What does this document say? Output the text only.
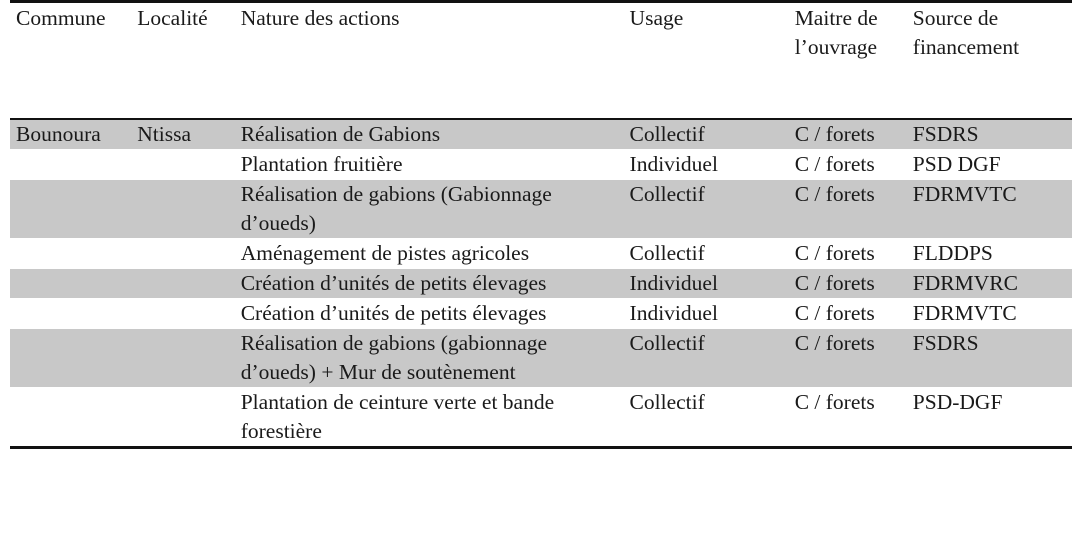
Commune	Localité	Nature des actions	Usage	Maitre de l’ouvrage	Source de financement
Bounoura	Ntissa	Réalisation de Gabions	Collectif	C / forets	FSDRS
		Plantation fruitière	Individuel	C / forets	PSD DGF
		Réalisation de gabions (Gabionnage d’oueds)	Collectif	C / forets	FDRMVTC
		Aménagement de pistes agricoles	Collectif	C / forets	FLDDPS
		Création d’unités de petits élevages	Individuel	C / forets	FDRMVRC
		Création d’unités de petits élevages	Individuel	C / forets	FDRMVTC
		Réalisation de gabions (gabionnage d’oueds) + Mur de soutènement	Collectif	C / forets	FSDRS
		Plantation de ceinture verte et bande forestière	Collectif	C / forets	PSD-DGF
